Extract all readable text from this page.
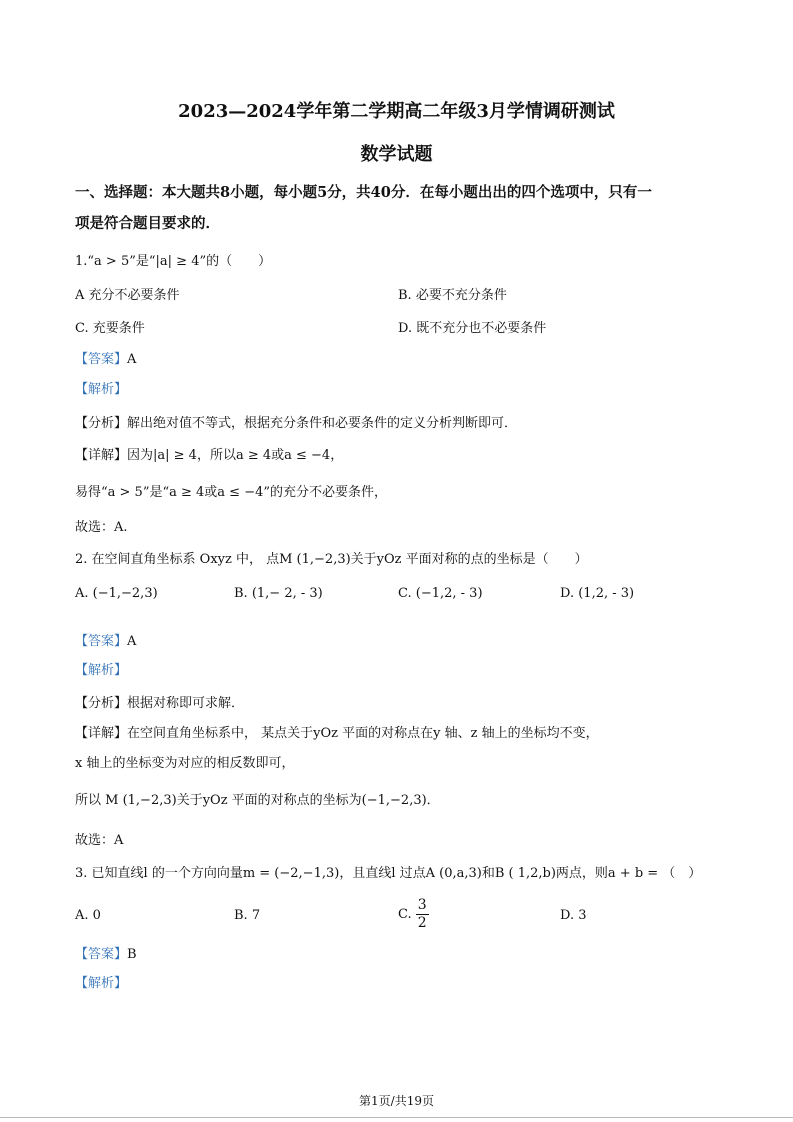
2023—2024学年第二学期高二年级3月学情调研测试
数学试题
一、选择题：本大题共8小题，每小题5分，共40分．在每小题出出的四个选项中，只有一
项是符合题目要求的．
1.“a > 5”是“|a| ≥ 4”的（　　）
A 充分不必要条件	B. 必要不充分条件
C. 充要条件	D. 既不充分也不必要条件
【答案】A
【解析】
【分析】解出绝对值不等式，根据充分条件和必要条件的定义分析判断即可．
【详解】因为|a| ≥ 4，所以a ≥ 4或a ≤ −4，
易得“a > 5”是“a ≥ 4或a ≤ −4”的充分不必要条件，
故选：A.
2. 在空间直角坐标系 Oxyz 中， 点M (1,−2,3)关于yOz 平面对称的点的坐标是（　　）
A. (−1,−2,3)	B. (1,− 2, - 3)	C. (−1,2, - 3)	D. (1,2, - 3)
【答案】A
【解析】
【分析】根据对称即可求解．
【详解】在空间直角坐标系中， 某点关于yOz 平面的对称点在y 轴、z 轴上的坐标均不变，
x 轴上的坐标变为对应的相反数即可，
所以 M (1,−2,3)关于yOz 平面的对称点的坐标为(−1,−2,3)．
故选：A
3. 已知直线l 的一个方向向量m = (−2,−1,3)，且直线l 过点A (0,a,3)和B ( 1,2,b)两点，则a + b = （　）
A. 0	B. 7	C. $\frac{3}{2}$	D. 3
【答案】B
【解析】
第1页/共19页
